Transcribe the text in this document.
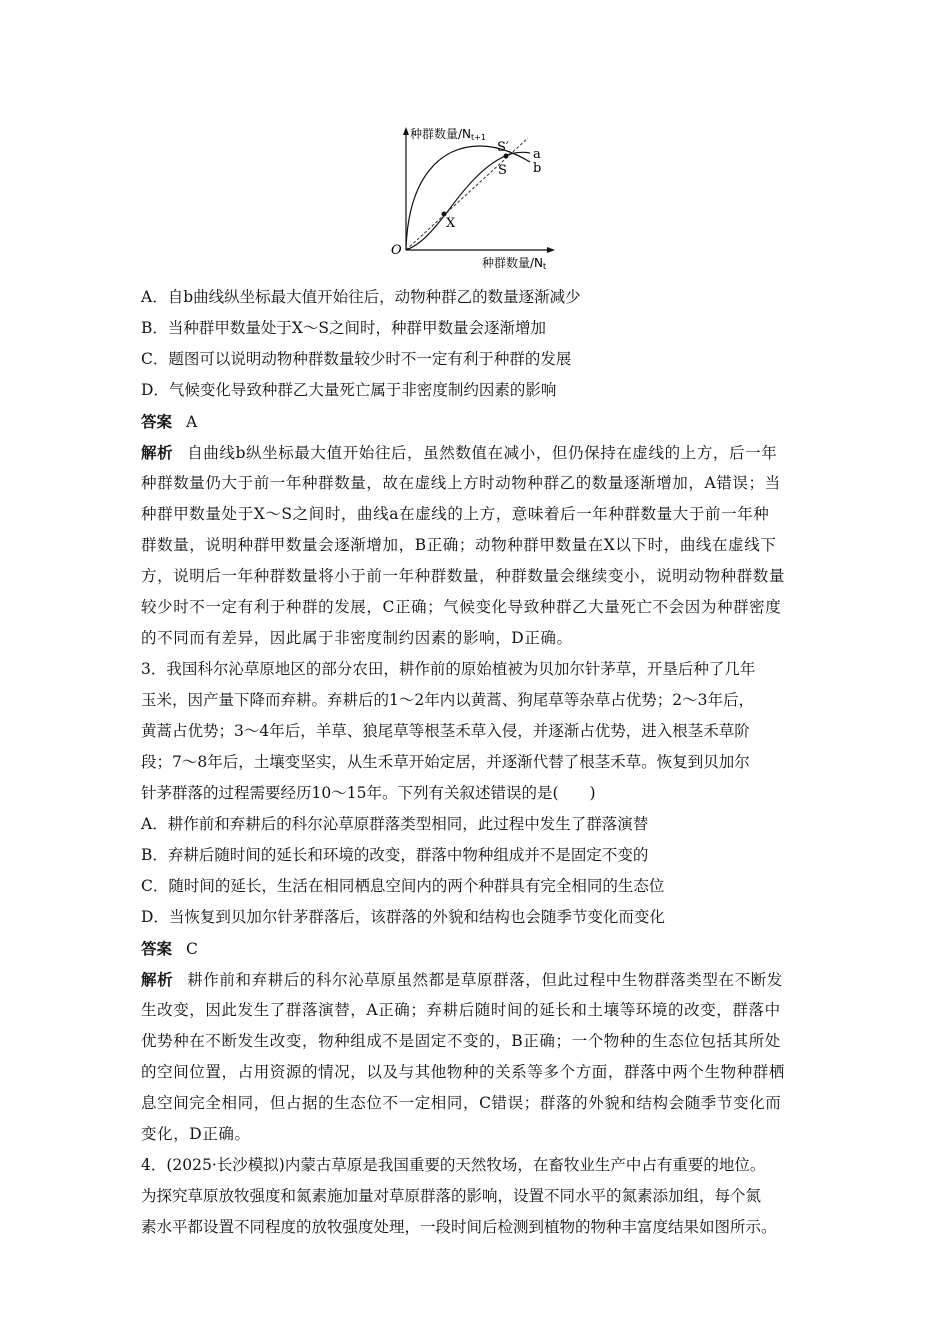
种群数量/Nt+1
种群数量/Nt
O
X
S
S′ a
b
A．自b曲线纵坐标最大值开始往后，动物种群乙的数量逐渐减少
B．当种群甲数量处于X～S之间时，种群甲数量会逐渐增加
C．题图可以说明动物种群数量较少时不一定有利于种群的发展
D．气候变化导致种群乙大量死亡属于非密度制约因素的影响
答案 A
解析 自曲线b纵坐标最大值开始往后，虽然数值在减小，但仍保持在虚线的上方，后一年
种群数量仍大于前一年种群数量，故在虚线上方时动物种群乙的数量逐渐增加，A错误；当
种群甲数量处于X～S之间时，曲线a在虚线的上方，意味着后一年种群数量大于前一年种
群数量，说明种群甲数量会逐渐增加，B正确；动物种群甲数量在X以下时，曲线在虚线下
方，说明后一年种群数量将小于前一年种群数量，种群数量会继续变小，说明动物种群数量
较少时不一定有利于种群的发展，C正确；气候变化导致种群乙大量死亡不会因为种群密度
的不同而有差异，因此属于非密度制约因素的影响，D正确。
3．我国科尔沁草原地区的部分农田，耕作前的原始植被为贝加尔针茅草，开垦后种了几年
玉米，因产量下降而弃耕。弃耕后的1～2年内以黄蒿、狗尾草等杂草占优势；2～3年后，
黄蒿占优势；3～4年后，羊草、狼尾草等根茎禾草入侵，并逐渐占优势，进入根茎禾草阶
段；7～8年后，土壤变坚实，从生禾草开始定居，并逐渐代替了根茎禾草。恢复到贝加尔
针茅群落的过程需要经历10～15年。下列有关叙述错误的是(　　)
A．耕作前和弃耕后的科尔沁草原群落类型相同，此过程中发生了群落演替
B．弃耕后随时间的延长和环境的改变，群落中物种组成并不是固定不变的
C．随时间的延长，生活在相同栖息空间内的两个种群具有完全相同的生态位
D．当恢复到贝加尔针茅群落后，该群落的外貌和结构也会随季节变化而变化
答案 C
解析 耕作前和弃耕后的科尔沁草原虽然都是草原群落，但此过程中生物群落类型在不断发
生改变，因此发生了群落演替，A正确；弃耕后随时间的延长和土壤等环境的改变，群落中
优势种在不断发生改变，物种组成不是固定不变的，B正确；一个物种的生态位包括其所处
的空间位置，占用资源的情况，以及与其他物种的关系等多个方面，群落中两个生物种群栖
息空间完全相同，但占据的生态位不一定相同，C错误；群落的外貌和结构会随季节变化而
变化，D正确。
4．(2025·长沙模拟)内蒙古草原是我国重要的天然牧场，在畜牧业生产中占有重要的地位。
为探究草原放牧强度和氮素施加量对草原群落的影响，设置不同水平的氮素添加组，每个氮
素水平都设置不同程度的放牧强度处理，一段时间后检测到植物的物种丰富度结果如图所示。
